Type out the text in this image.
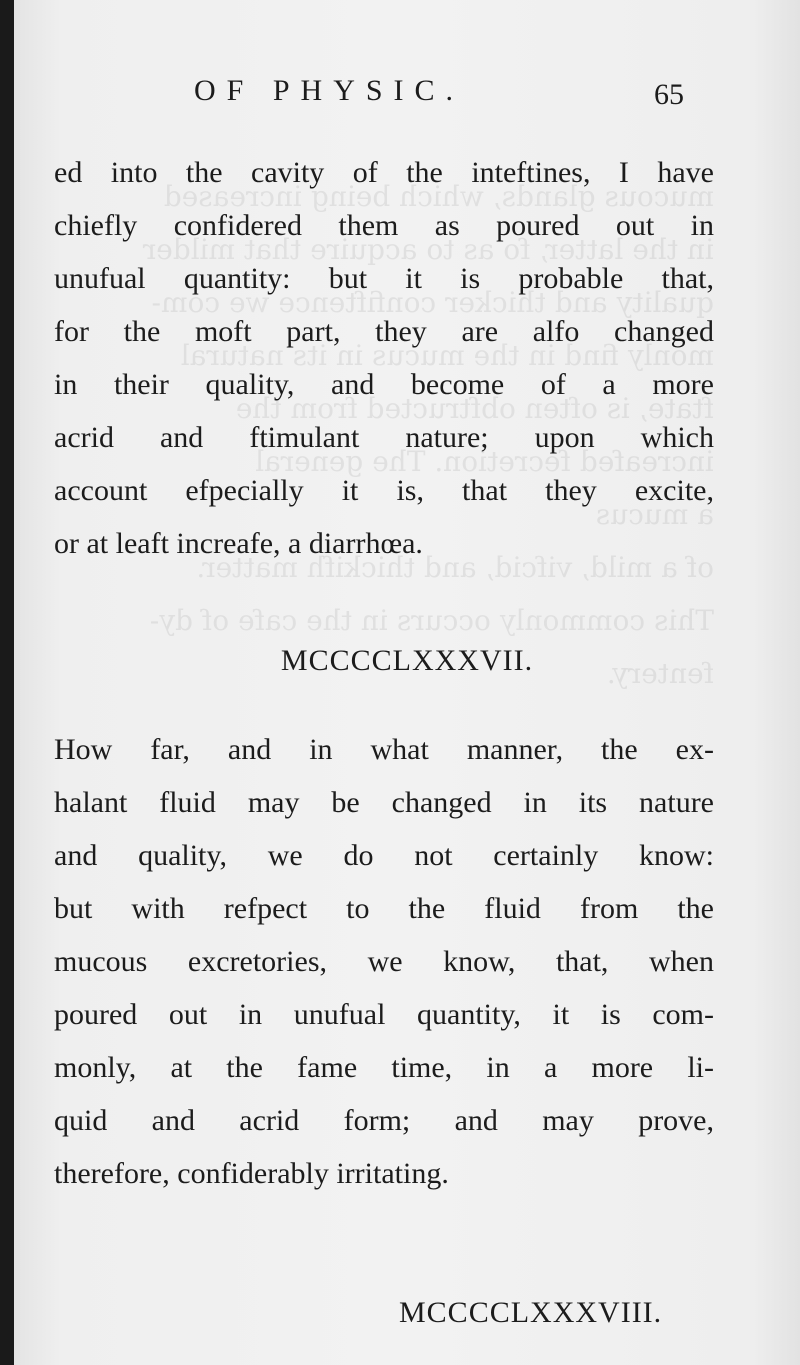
mucous glands, which being increased
in the latter, fo as to acquire that milder
quality and thicker confiftence we com-
monly find in the mucus in its natural
ftate, is often obftructed from the
increafed fecretion. The general
a mucus
of a mild, vifcid, and thickifh matter.
This commonly occurs in the cafe of dy-
fentery.
OF PHYSIC.	65
ed into the cavity of the inteftines, I have
chiefly confidered them as poured out in
unufual quantity: but it is probable that,
for the moft part, they are alfo changed
in their quality, and become of a more
acrid and ftimulant nature; upon which
account efpecially it is, that they excite,
or at leaft increafe, a diarrhœa.
MCCCCLXXXVII.
How far, and in what manner, the ex-
halant fluid may be changed in its nature
and quality, we do not certainly know:
but with refpect to the fluid from the
mucous excretories, we know, that, when
poured out in unufual quantity, it is com-
monly, at the fame time, in a more li-
quid and acrid form; and may prove,
therefore, confiderably irritating.
MCCCCLXXXVIII.
